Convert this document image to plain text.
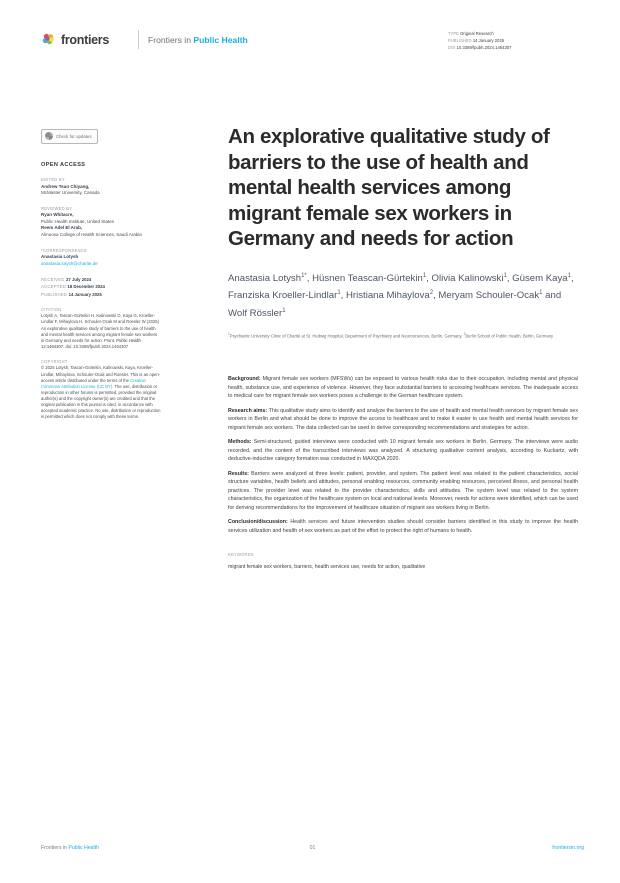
frontiers	Frontiers in Public Health
TYPE Original Research
PUBLISHED 14 January 2025
DOI 10.3389/fpubh.2024.1464307
Check for updates
OPEN ACCESS
EDITED BY
Andrew Tsun Chiyang,
McMaster University, Canada
REVIEWED BY
Ryan Whitacre,
Public Health Institute, United States
Reem Adel El Arab,
Almoosa College of Health Sciences, Saudi Arabia
*CORRESPONDENCE
Anastasia Lotysh
anastasia.lotysh@charite.de
RECEIVED 27 July 2024
ACCEPTED 18 December 2024
PUBLISHED 14 January 2025
CITATION
Lotysh A, Tascan-Gürtekin H, Kalinowski O, Kaya G, Kroeller-Lindlar F, Mihaylova H, Schouler-Ocak M and Roesler W (2025) An explorative qualitative study of barriers to the use of health and mental health services among migrant female sex workers in Germany and needs for action. Front. Public Health 12:1464307. doi: 10.3389/fpubh.2024.1464307
COPYRIGHT
© 2025 Lotysh, Tascan-Gürtekin, Kalinowski, Kaya, Kroeller-Lindlar, Mihaylova, Schouler-Ocak and Roesler. This is an open-access article distributed under the terms of the Creative Commons Attribution License (CC BY). The use, distribution or reproduction in other forums is permitted, provided the original author(s) and the copyright owner(s) are credited and that the original publication in this journal is cited, in accordance with accepted academic practice. No use, distribution or reproduction is permitted which does not comply with these terms.
An explorative qualitative study of barriers to the use of health and mental health services among migrant female sex workers in Germany and needs for action
Anastasia Lotysh$^{1*}$, Hüsnen Teascan-Gürtekin$^1$, Olivia Kalinowski$^1$, Güsem Kaya$^1$, Franziska Kroeller-Lindlar$^1$, Hristiana Mihaylova$^2$, Meryam Schouler-Ocak$^1$ and Wolf Rössler$^1$
$^1$Psychiatric University Clinic of Charité at St. Hedwig Hospital, Department of Psychiatry and Neurosciences, Berlin, Germany, $^2$Berlin School of Public Health, Berlin, Germany

Background: Migrant female sex workers (MFSWs) can be exposed to various health risks due to their occupation, including mental and physical health, substance use, and experience of violence. However, they face substantial barriers to accessing healthcare services. The inadequate access to medical care for migrant female sex workers poses a challenge to the German healthcare system.

Research aims: This qualitative study aims to identify and analyze the barriers to the use of health and mental health services by migrant female sex workers in Berlin and what should be done to improve the access to healthcare and to make it easier to use health and mental health services for migrant female sex workers. The data collected can be used to derive corresponding recommendations and strategies for action.

Methods: Semi-structured, guided interviews were conducted with 10 migrant female sex workers in Berlin, Germany. The interviews were audio recorded, and the content of the transcribed interviews was analyzed. A structuring qualitative content analysis, according to Kuckartz, with deductive-inductive category formation was conducted in MAXQDA 2020.

Results: Barriers were analyzed at three levels: patient, provider, and system. The patient level was related to the patient characteristics, social structure variables, health beliefs and attitudes, personal enabling resources, community enabling resources, perceived illness, and personal health practices. The provider level was related to the provider characteristics, skills and attitudes. The system level was related to the system characteristics, the organization of the healthcare system on local and national levels. Moreover, needs for actions were identified, which can be used for deriving recommendations for the improvement of healthcare situation of migrant sex workers living in Berlin.

Conclusion/discussion: Health services and future intervention studies should consider barriers identified in this study to improve the health services utilization and health of sex workers as part of the effort to protect the right of humans to health.

KEYWORDS
migrant female sex workers, barriers, health services use, needs for action, qualitative
Frontiers in Public Health	01	frontiersin.org
